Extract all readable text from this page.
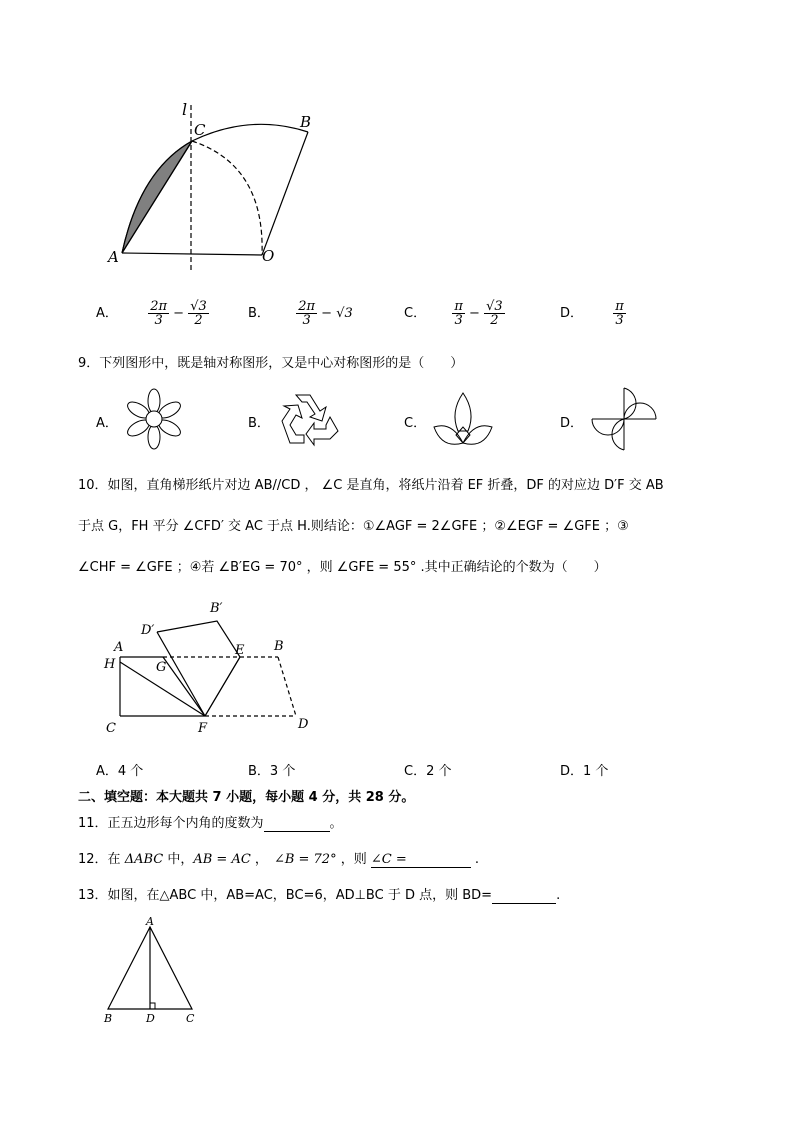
l
C	B
A	O
A． $\frac{2\pi}{3} - \frac{√3}{2}$	B． $\frac{2\pi}{3} - √3$	C． $\frac{\pi}{3} - \frac{√3}{2}$	D． $\frac{\pi}{3}$
9．下列图形中，既是轴对称图形，又是中心对称图形的是（　　）
A．	B．	C．	D．
10．如图，直角梯形纸片对边 AB//CD ， ∠C 是直角，将纸片沿着 EF 折叠，DF 的对应边 D′F 交 AB
于点 G，FH 平分 ∠CFD′ 交 AC 于点 H.则结论：①∠AGF = 2∠GFE ；②∠EGF = ∠GFE ；③
∠CHF = ∠GFE ；④若 ∠B′EG = 70° ，则 ∠GFE = 55° .其中正确结论的个数为（　　）
B′
D′
A	B
H	G
E
C	F	D
A．4 个	B．3 个	C．2 个	D．1 个
二、填空题：本大题共 7 小题，每小题 4 分，共 28 分。
11．正五边形每个内角的度数为	。
12．在 ΔABC 中，AB = AC ， ∠B = 72° ，则 ∠C =	.
13．如图，在△ABC 中，AB=AC，BC=6，AD⊥BC 于 D 点，则 BD=	.
A
B	D	C
